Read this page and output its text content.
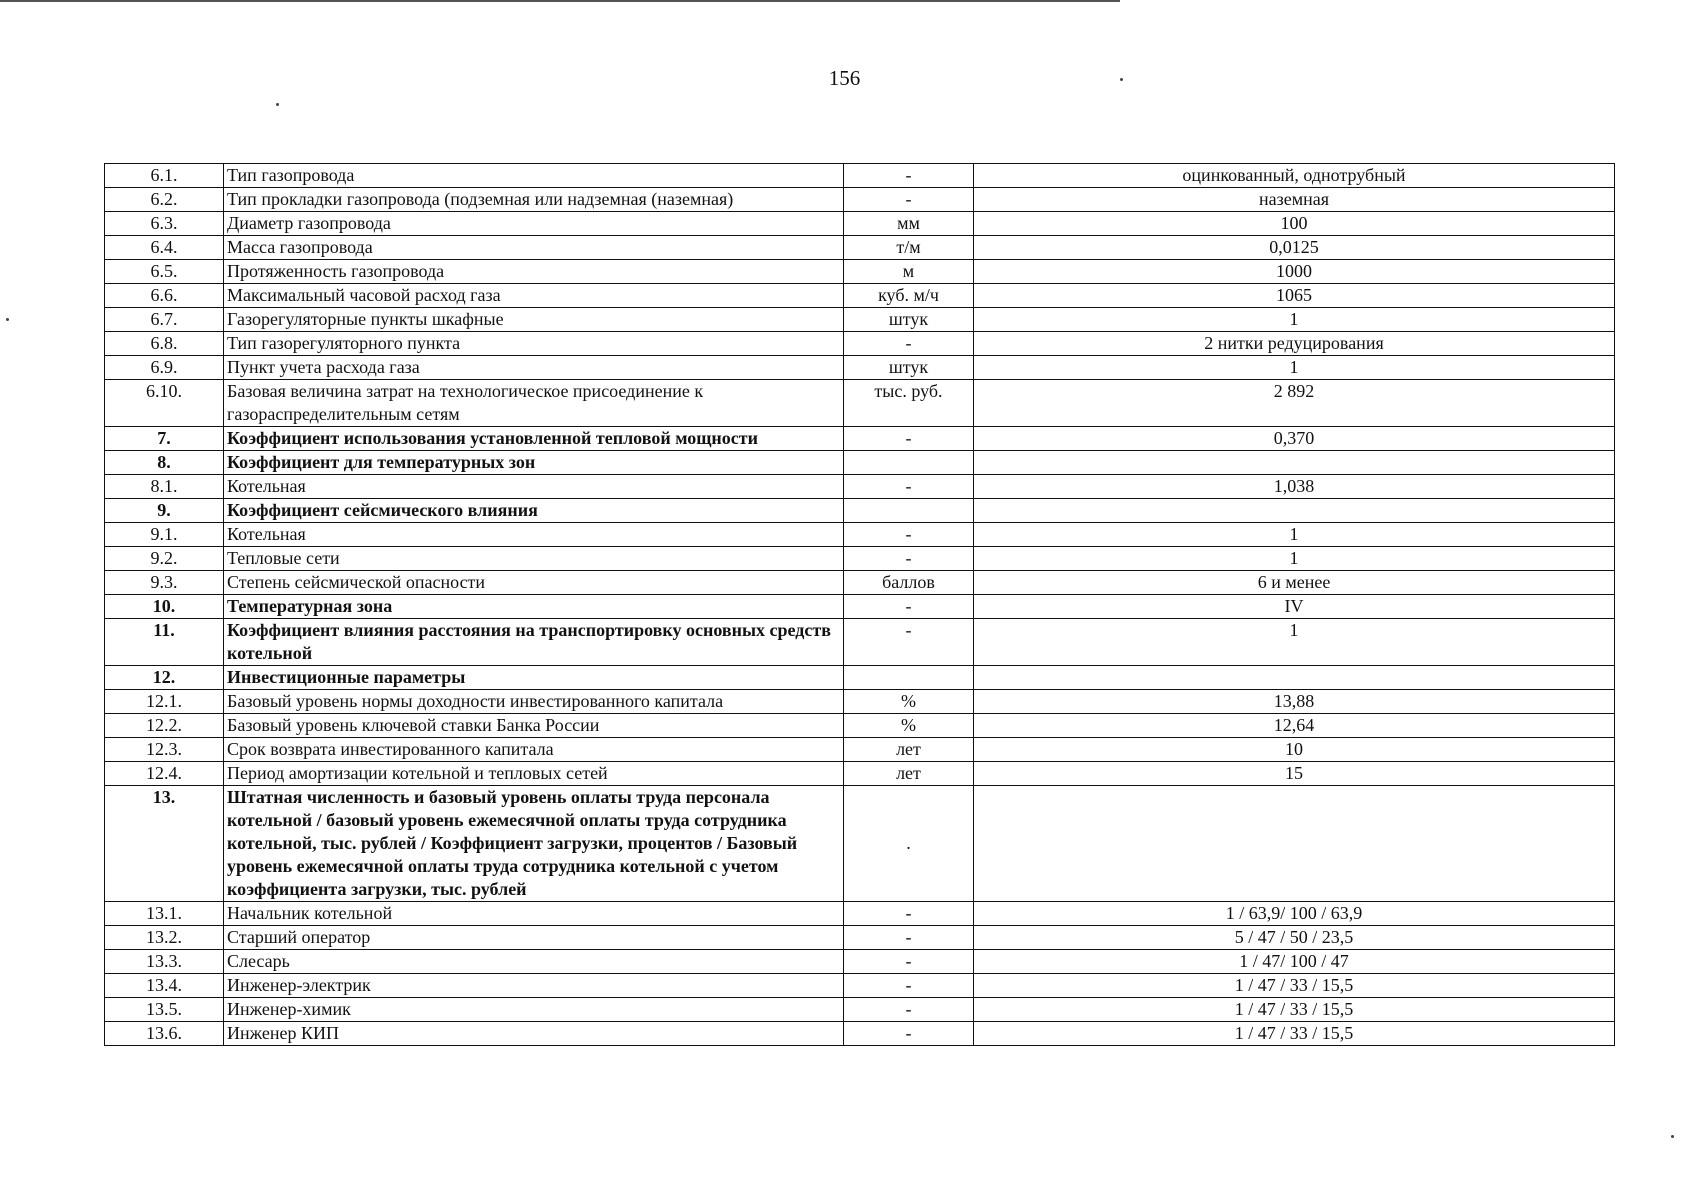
156
6.1.	Тип газопровода	-	оцинкованный, однотрубный
6.2.	Тип прокладки газопровода (подземная или надземная (наземная)	-	наземная
6.3.	Диаметр газопровода	мм	100
6.4.	Масса газопровода	т/м	0,0125
6.5.	Протяженность газопровода	м	1000
6.6.	Максимальный часовой расход газа	куб. м/ч	1065
6.7.	Газорегуляторные пункты шкафные	штук	1
6.8.	Тип газорегуляторного пункта	-	2 нитки редуцирования
6.9.	Пункт учета расхода газа	штук	1
6.10.	Базовая величина затрат на технологическое присоединение к газораспределительным сетям	тыс. руб.	2 892
7.	Коэффициент использования установленной тепловой мощности	-	0,370
8.	Коэффициент для температурных зон		
8.1.	Котельная	-	1,038
9.	Коэффициент сейсмического влияния		
9.1.	Котельная	-	1
9.2.	Тепловые сети	-	1
9.3.	Степень сейсмической опасности	баллов	6 и менее
10.	Температурная зона	-	IV
11.	Коэффициент влияния расстояния на транспортировку основных средств котельной	-	1
12.	Инвестиционные параметры		
12.1.	Базовый уровень нормы доходности инвестированного капитала	%	13,88
12.2.	Базовый уровень ключевой ставки Банка России	%	12,64
12.3.	Срок возврата инвестированного капитала	лет	10
12.4.	Период амортизации котельной и тепловых сетей	лет	15
13.	Штатная численность и базовый уровень оплаты труда персонала котельной / базовый уровень ежемесячной оплаты труда сотрудника котельной, тыс. рублей / Коэффициент загрузки, процентов / Базовый уровень ежемесячной оплаты труда сотрудника котельной с учетом коэффициента загрузки, тыс. рублей	.	
13.1.	Начальник котельной	-	1 / 63,9/ 100 / 63,9
13.2.	Старший оператор	-	5 / 47 / 50 / 23,5
13.3.	Слесарь	-	1 / 47/ 100 / 47
13.4.	Инженер-электрик	-	1 / 47 / 33 / 15,5
13.5.	Инженер-химик	-	1 / 47 / 33 / 15,5
13.6.	Инженер КИП	-	1 / 47 / 33 / 15,5
